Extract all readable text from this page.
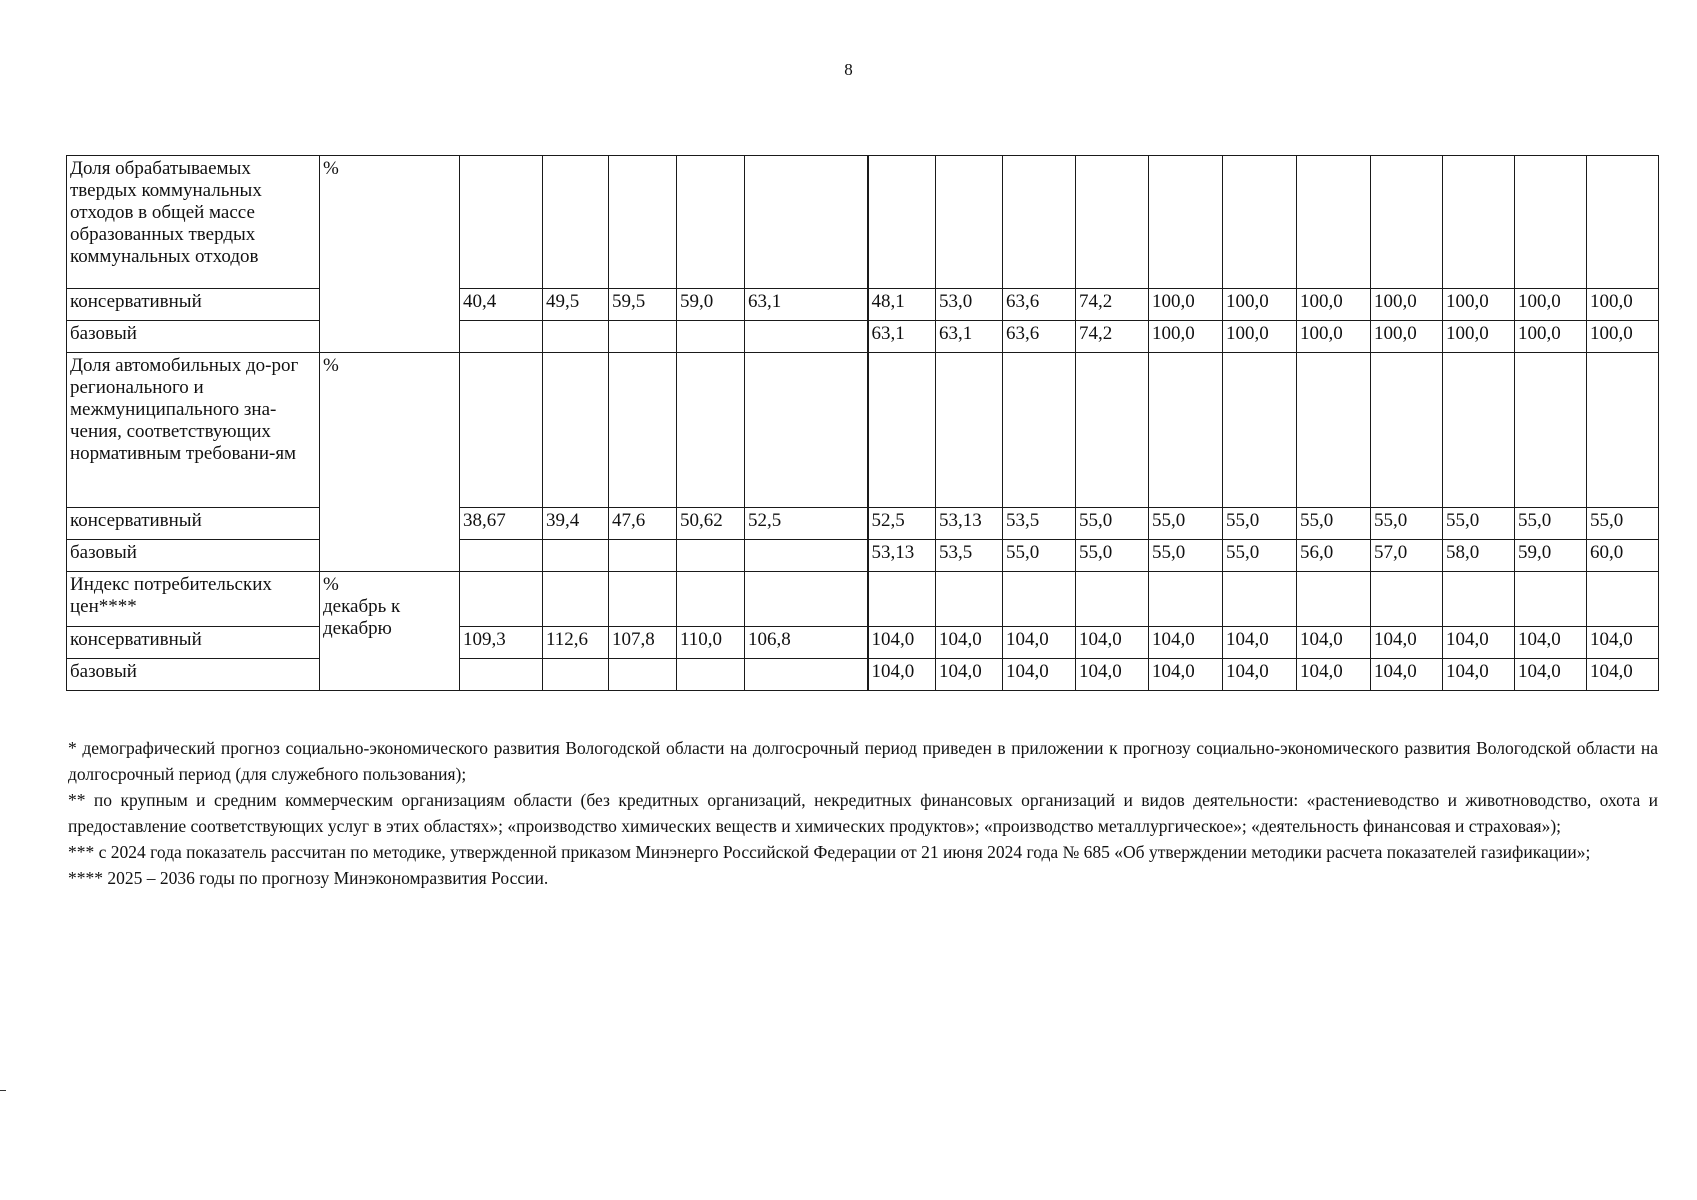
8
Доля обрабатываемых твердых коммунальных отходов в общей массе образованных твердых коммунальных отходов	%																

консервативный		40,4	49,5	59,5	59,0	63,1	48,1	53,0	63,6	74,2	100,0	100,0	100,0	100,0	100,0	100,0	100,0
базовый							63,1	63,1	63,6	74,2	100,0	100,0	100,0	100,0	100,0	100,0	100,0
Доля автомобильных до-рог регионального и межмуниципального зна-чения, соответствующих нормативным требовани-ям	%																

консервативный		38,67	39,4	47,6	50,62	52,5	52,5	53,13	53,5	55,0	55,0	55,0	55,0	55,0	55,0	55,0	55,0
базовый							53,13	53,5	55,0	55,0	55,0	55,0	56,0	57,0	58,0	59,0	60,0
Индекс потребительских цен****	%
декабрь к декабрю																

консервативный		109,3	112,6	107,8	110,0	106,8	104,0	104,0	104,0	104,0	104,0	104,0	104,0	104,0	104,0	104,0	104,0
базовый							104,0	104,0	104,0	104,0	104,0	104,0	104,0	104,0	104,0	104,0	104,0

* демографический прогноз социально-экономического развития Вологодской области на долгосрочный период приведен в приложении к прогнозу социально-экономического развития Вологодской области на долгосрочный период (для служебного пользования);

** по крупным и средним коммерческим организациям области (без кредитных организаций, некредитных финансовых организаций и видов деятельности: «растениеводство и животноводство, охота и предоставление соответствующих услуг в этих областях»; «производство химических веществ и химических продуктов»; «производство металлургическое»; «деятельность финансовая и страховая»);

*** с 2024 года показатель рассчитан по методике, утвержденной приказом Минэнерго Российской Федерации от 21 июня 2024 года № 685 «Об утверждении методики расчета показателей газификации»;

**** 2025 – 2036 годы по прогнозу Минэкономразвития России.
